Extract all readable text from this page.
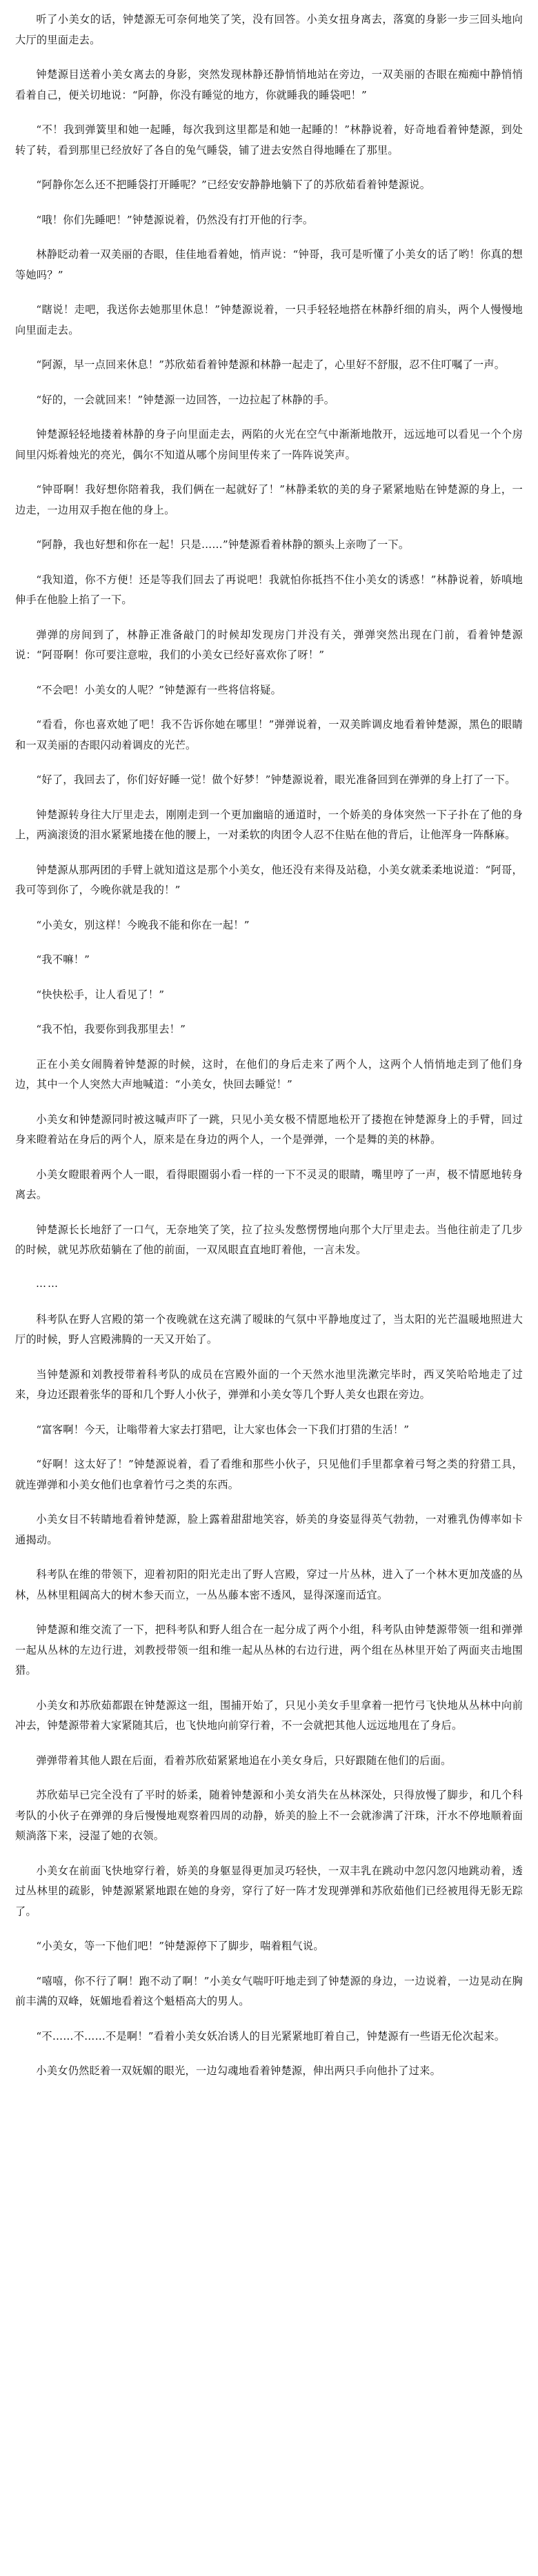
听了小美女的话，钟楚源无可奈何地笑了笑，没有回答。小美女扭身离去，落寞的身影一步三回头地向大厅的里面走去。

钟楚源目送着小美女离去的身影，突然发现林静还静悄悄地站在旁边，一双美丽的杏眼在痴痴中静悄悄看着自己，便关切地说：“阿静，你没有睡觉的地方，你就睡我的睡袋吧！”

“不！我到弹簧里和她一起睡，每次我到这里都是和她一起睡的！”林静说着，好奇地看着钟楚源，到处转了转，看到那里已经放好了各自的兔气睡袋，铺了进去安然自得地睡在了那里。

“阿静你怎么还不把睡袋打开睡呢？”已经安安静静地躺下了的苏欣茹看着钟楚源说。

“哦！你们先睡吧！”钟楚源说着，仍然没有打开他的行李。

林静眨动着一双美丽的杏眼，佳佳地看着她，悄声说：“钟哥，我可是听懂了小美女的话了哟！你真的想等她吗？”

“瞎说！走吧，我送你去她那里休息！”钟楚源说着，一只手轻轻地搭在林静纤细的肩头，两个人慢慢地向里面走去。

“阿源，早一点回来休息！”苏欣茹看着钟楚源和林静一起走了，心里好不舒服，忍不住叮嘱了一声。

“好的，一会就回来！”钟楚源一边回答，一边拉起了林静的手。

钟楚源轻轻地搂着林静的身子向里面走去，两陷的火光在空气中渐渐地散开，远远地可以看见一个个房间里闪烁着烛光的亮光，偶尔不知道从哪个房间里传来了一阵阵说笑声。

“钟哥啊！我好想你陪着我，我们俩在一起就好了！”林静柔软的美的身子紧紧地贴在钟楚源的身上，一边走，一边用双手抱在他的身上。

“阿静，我也好想和你在一起！只是……”钟楚源看着林静的额头上亲吻了一下。

“我知道，你不方便！还是等我们回去了再说吧！我就怕你抵挡不住小美女的诱惑！”林静说着，娇嗔地伸手在他脸上掐了一下。

弹弹的房间到了，林静正准备敲门的时候却发现房门并没有关，弹弹突然出现在门前，看着钟楚源说：“阿哥啊！你可要注意啦，我们的小美女已经好喜欢你了呀！”

“不会吧！小美女的人呢？”钟楚源有一些将信将疑。

“看看，你也喜欢她了吧！我不告诉你她在哪里！”弹弹说着，一双美眸调皮地看着钟楚源，黑色的眼睛和一双美丽的杏眼闪动着调皮的光芒。

“好了，我回去了，你们好好睡一觉！做个好梦！”钟楚源说着，眼光准备回到在弹弹的身上打了一下。

钟楚源转身往大厅里走去，刚刚走到一个更加幽暗的通道时，一个娇美的身体突然一下子扑在了他的身上，两滴滚烫的泪水紧紧地搂在他的腰上，一对柔软的肉团令人忍不住贴在他的背后，让他浑身一阵酥麻。

钟楚源从那两团的手臂上就知道这是那个小美女，他还没有来得及站稳，小美女就柔柔地说道：“阿哥，我可等到你了，今晚你就是我的！”

“小美女，别这样！今晚我不能和你在一起！”

“我不嘛！”

“快快松手，让人看见了！”

“我不怕，我要你到我那里去！”

正在小美女闹腾着钟楚源的时候，这时，在他们的身后走来了两个人，这两个人悄悄地走到了他们身边，其中一个人突然大声地喊道：“小美女，快回去睡觉！”

小美女和钟楚源同时被这喊声吓了一跳，只见小美女极不情愿地松开了搂抱在钟楚源身上的手臂，回过身来瞪着站在身后的两个人，原来是在身边的两个人，一个是弹弹，一个是舞的美的林静。

小美女瞪眼着两个人一眼，看得眼圈弱小看一样的一下不灵灵的眼睛，嘴里哼了一声，极不情愿地转身离去。

钟楚源长长地舒了一口气，无奈地笑了笑，拉了拉头发憋愣愣地向那个大厅里走去。当他往前走了几步的时候，就见苏欣茹躺在了他的前面，一双凤眼直直地盯着他，一言未发。

……

科考队在野人宫殿的第一个夜晚就在这充满了暧昧的气氛中平静地度过了，当太阳的光芒温暖地照进大厅的时候，野人宫殿沸腾的一天又开始了。

当钟楚源和刘教授带着科考队的成员在宫殿外面的一个天然水池里洗漱完毕时，西叉笑哈哈地走了过来，身边还跟着张华的哥和几个野人小伙子，弹弹和小美女等几个野人美女也跟在旁边。

“富客啊！今天，让嗡带着大家去打猎吧，让大家也体会一下我们打猎的生活！”

“好啊！这太好了！”钟楚源说着，看了看维和那些小伙子，只见他们手里都拿着弓弩之类的狩猎工具，就连弹弹和小美女他们也拿着竹弓之类的东西。

小美女目不转睛地看着钟楚源，脸上露着甜甜地笑容，娇美的身姿显得英气勃勃，一对雅乳伪傅率如卡通揭动。

科考队在维的带领下，迎着初阳的阳光走出了野人宫殿，穿过一片丛林，进入了一个林木更加茂盛的丛林，丛林里粗阔高大的树木参天而立，一丛丛藤本密不透风，显得深邃而适宜。

钟楚源和维交流了一下，把科考队和野人组合在一起分成了两个小组，科考队由钟楚源带领一组和弹弹一起从丛林的左边行进，刘教授带领一组和维一起从丛林的右边行进，两个组在丛林里开始了两面夹击地围猎。

小美女和苏欣茹都跟在钟楚源这一组，围捕开始了，只见小美女手里拿着一把竹弓飞快地从丛林中向前冲去，钟楚源带着大家紧随其后，也飞快地向前穿行着，不一会就把其他人远远地甩在了身后。

弹弹带着其他人跟在后面，看着苏欣茹紧紧地追在小美女身后，只好跟随在他们的后面。

苏欣茹早已完全没有了平时的娇柔，随着钟楚源和小美女消失在丛林深处，只得放慢了脚步，和几个科考队的小伙子在弹弹的身后慢慢地观察着四周的动静，娇美的脸上不一会就渗满了汗珠，汗水不停地顺着面颊淌落下来，浸湿了她的衣领。

小美女在前面飞快地穿行着，娇美的身躯显得更加灵巧轻快，一双丰乳在跳动中忽闪忽闪地跳动着，透过丛林里的疏影，钟楚源紧紧地跟在她的身旁，穿行了好一阵才发现弹弹和苏欣茹他们已经被甩得无影无踪了。

“小美女，等一下他们吧！”钟楚源停下了脚步，喘着粗气说。

“嘻嘻，你不行了啊！跑不动了啊！”小美女气喘吁吁地走到了钟楚源的身边，一边说着，一边晃动在胸前丰满的双峰，妩媚地看着这个魁梧高大的男人。

“不……不……不是啊！”看着小美女妖冶诱人的目光紧紧地盯着自己，钟楚源有一些语无伦次起来。

小美女仍然眨着一双妩媚的眼光，一边勾魂地看着钟楚源，伸出两只手向他扑了过来。
